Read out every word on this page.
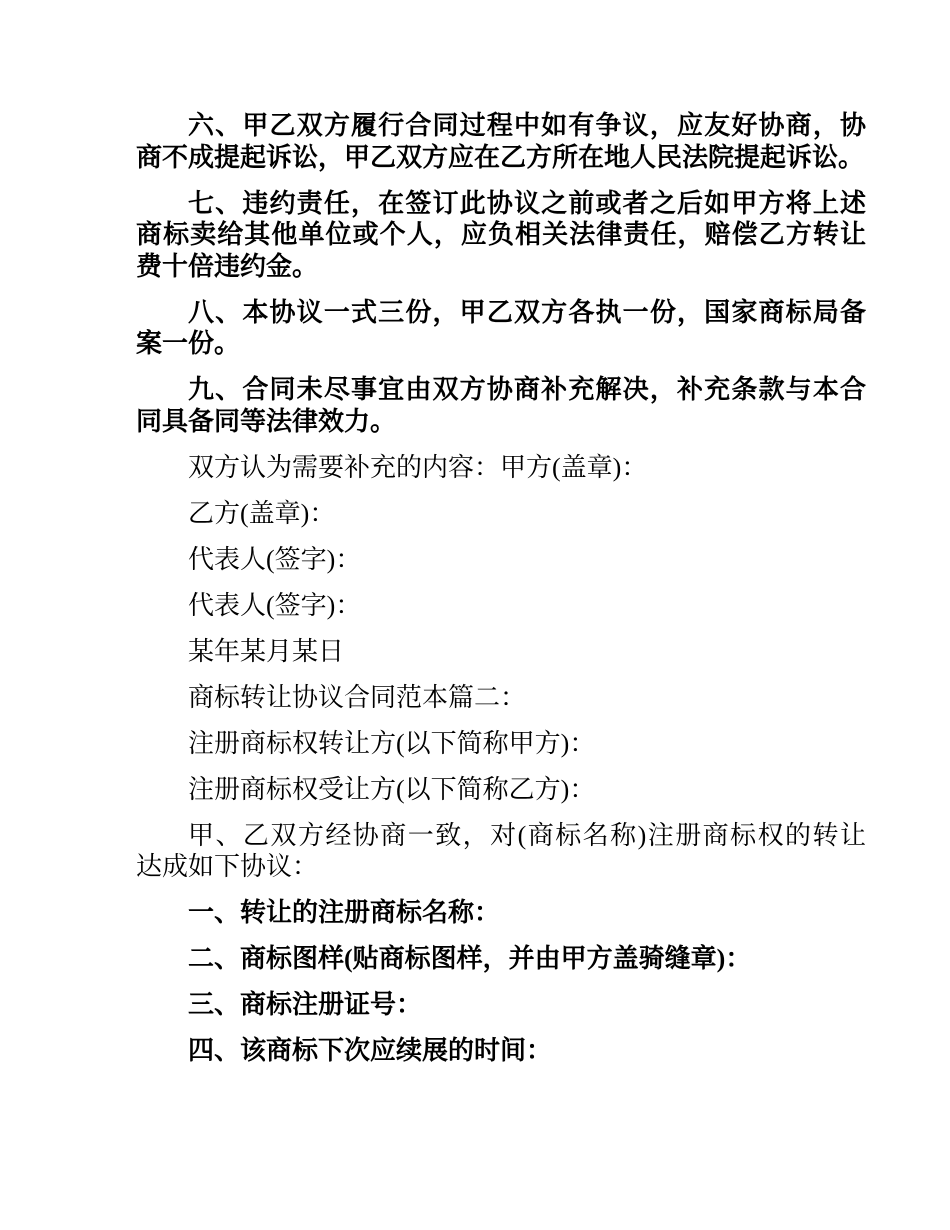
六、甲乙双方履行合同过程中如有争议，应友好协商，协
商不成提起诉讼，甲乙双方应在乙方所在地人民法院提起诉讼。
七、违约责任，在签订此协议之前或者之后如甲方将上述
商标卖给其他单位或个人，应负相关法律责任，赔偿乙方转让
费十倍违约金。
八、本协议一式三份，甲乙双方各执一份，国家商标局备
案一份。
九、合同未尽事宜由双方协商补充解决，补充条款与本合
同具备同等法律效力。
双方认为需要补充的内容：甲方(盖章)：
乙方(盖章)：
代表人(签字)：
代表人(签字)：
某年某月某日
商标转让协议合同范本篇二：
注册商标权转让方(以下简称甲方)：
注册商标权受让方(以下简称乙方)：
甲、乙双方经协商一致，对(商标名称)注册商标权的转让
达成如下协议：
一、转让的注册商标名称：
二、商标图样(贴商标图样，并由甲方盖骑缝章)：
三、商标注册证号：
四、该商标下次应续展的时间：
